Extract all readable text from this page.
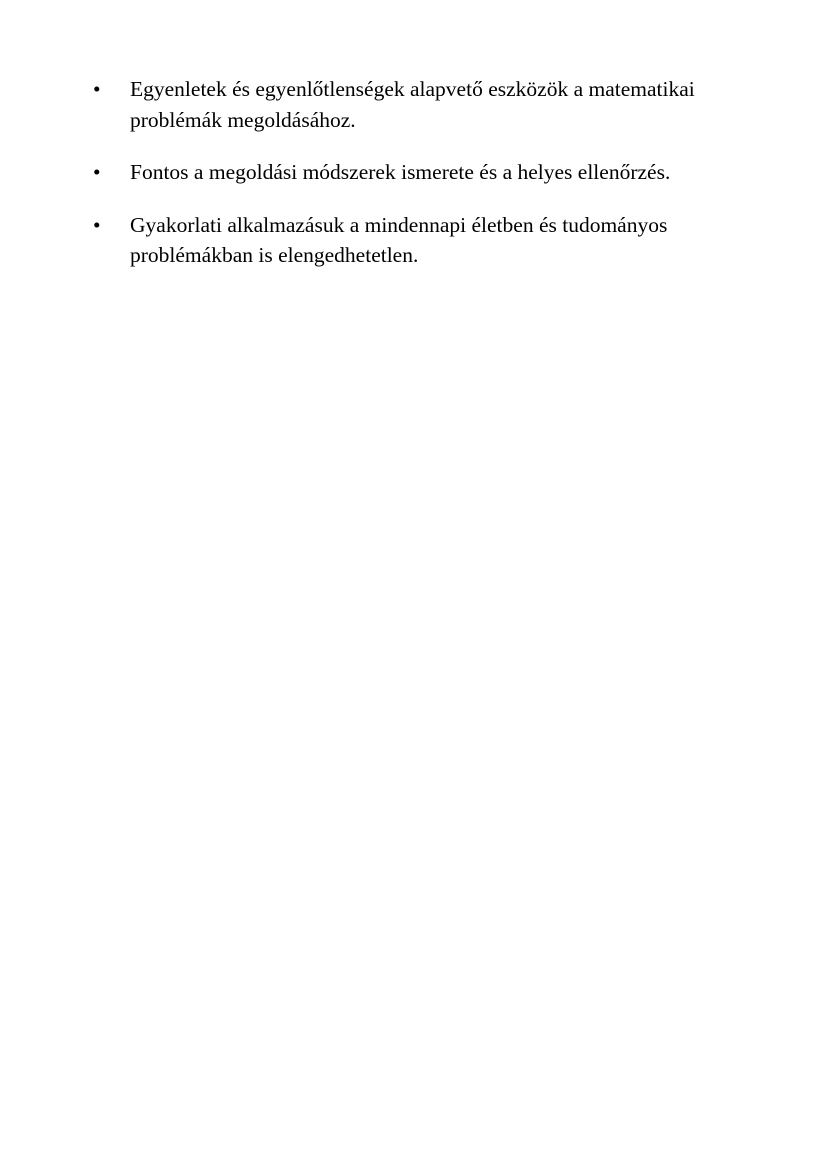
• Egyenletek és egyenlőtlenségek alapvető eszközök a matematikai problémák megoldásához.
• Fontos a megoldási módszerek ismerete és a helyes ellenőrzés.
• Gyakorlati alkalmazásuk a mindennapi életben és tudományos problémákban is elengedhetetlen.
